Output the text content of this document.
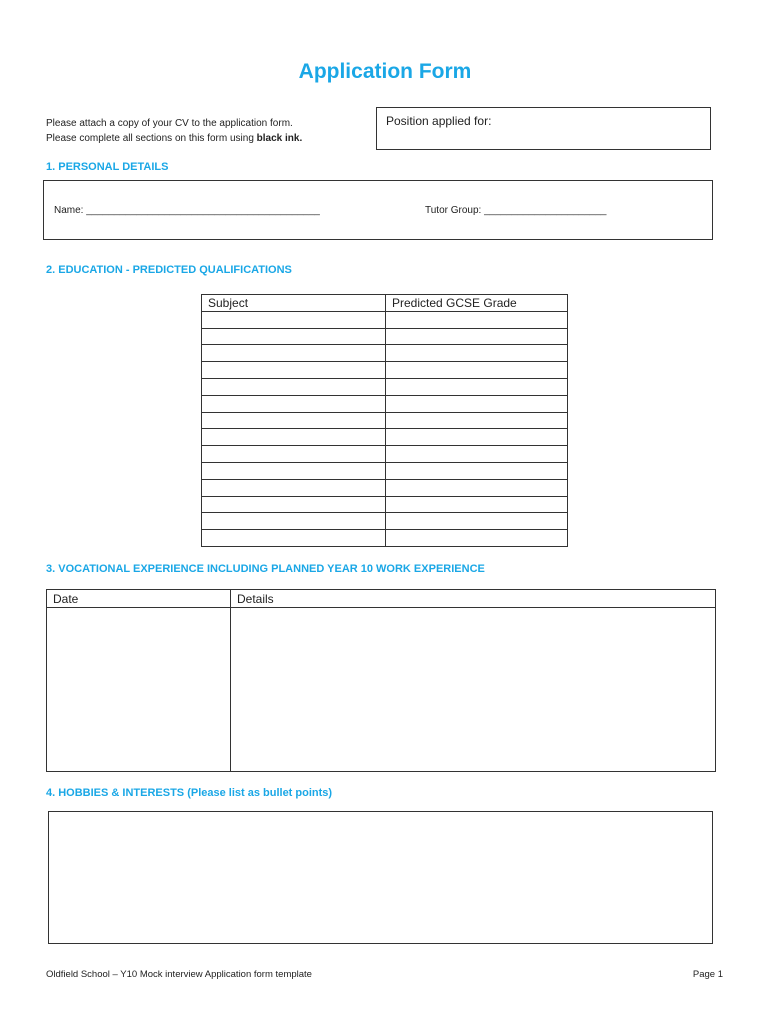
Application Form
Please attach a copy of your CV to the application form.
Please complete all sections on this form using black ink.
Position applied for:
1. PERSONAL DETAILS
Name: __________________________________________	Tutor Group: ______________________
2. EDUCATION - PREDICTED QUALIFICATIONS
Subject	Predicted GCSE Grade

3. VOCATIONAL EXPERIENCE INCLUDING PLANNED YEAR 10 WORK EXPERIENCE
Date	Details

4. HOBBIES & INTERESTS (Please list as bullet points)
Oldfield School – Y10 Mock interview Application form template	Page 1
